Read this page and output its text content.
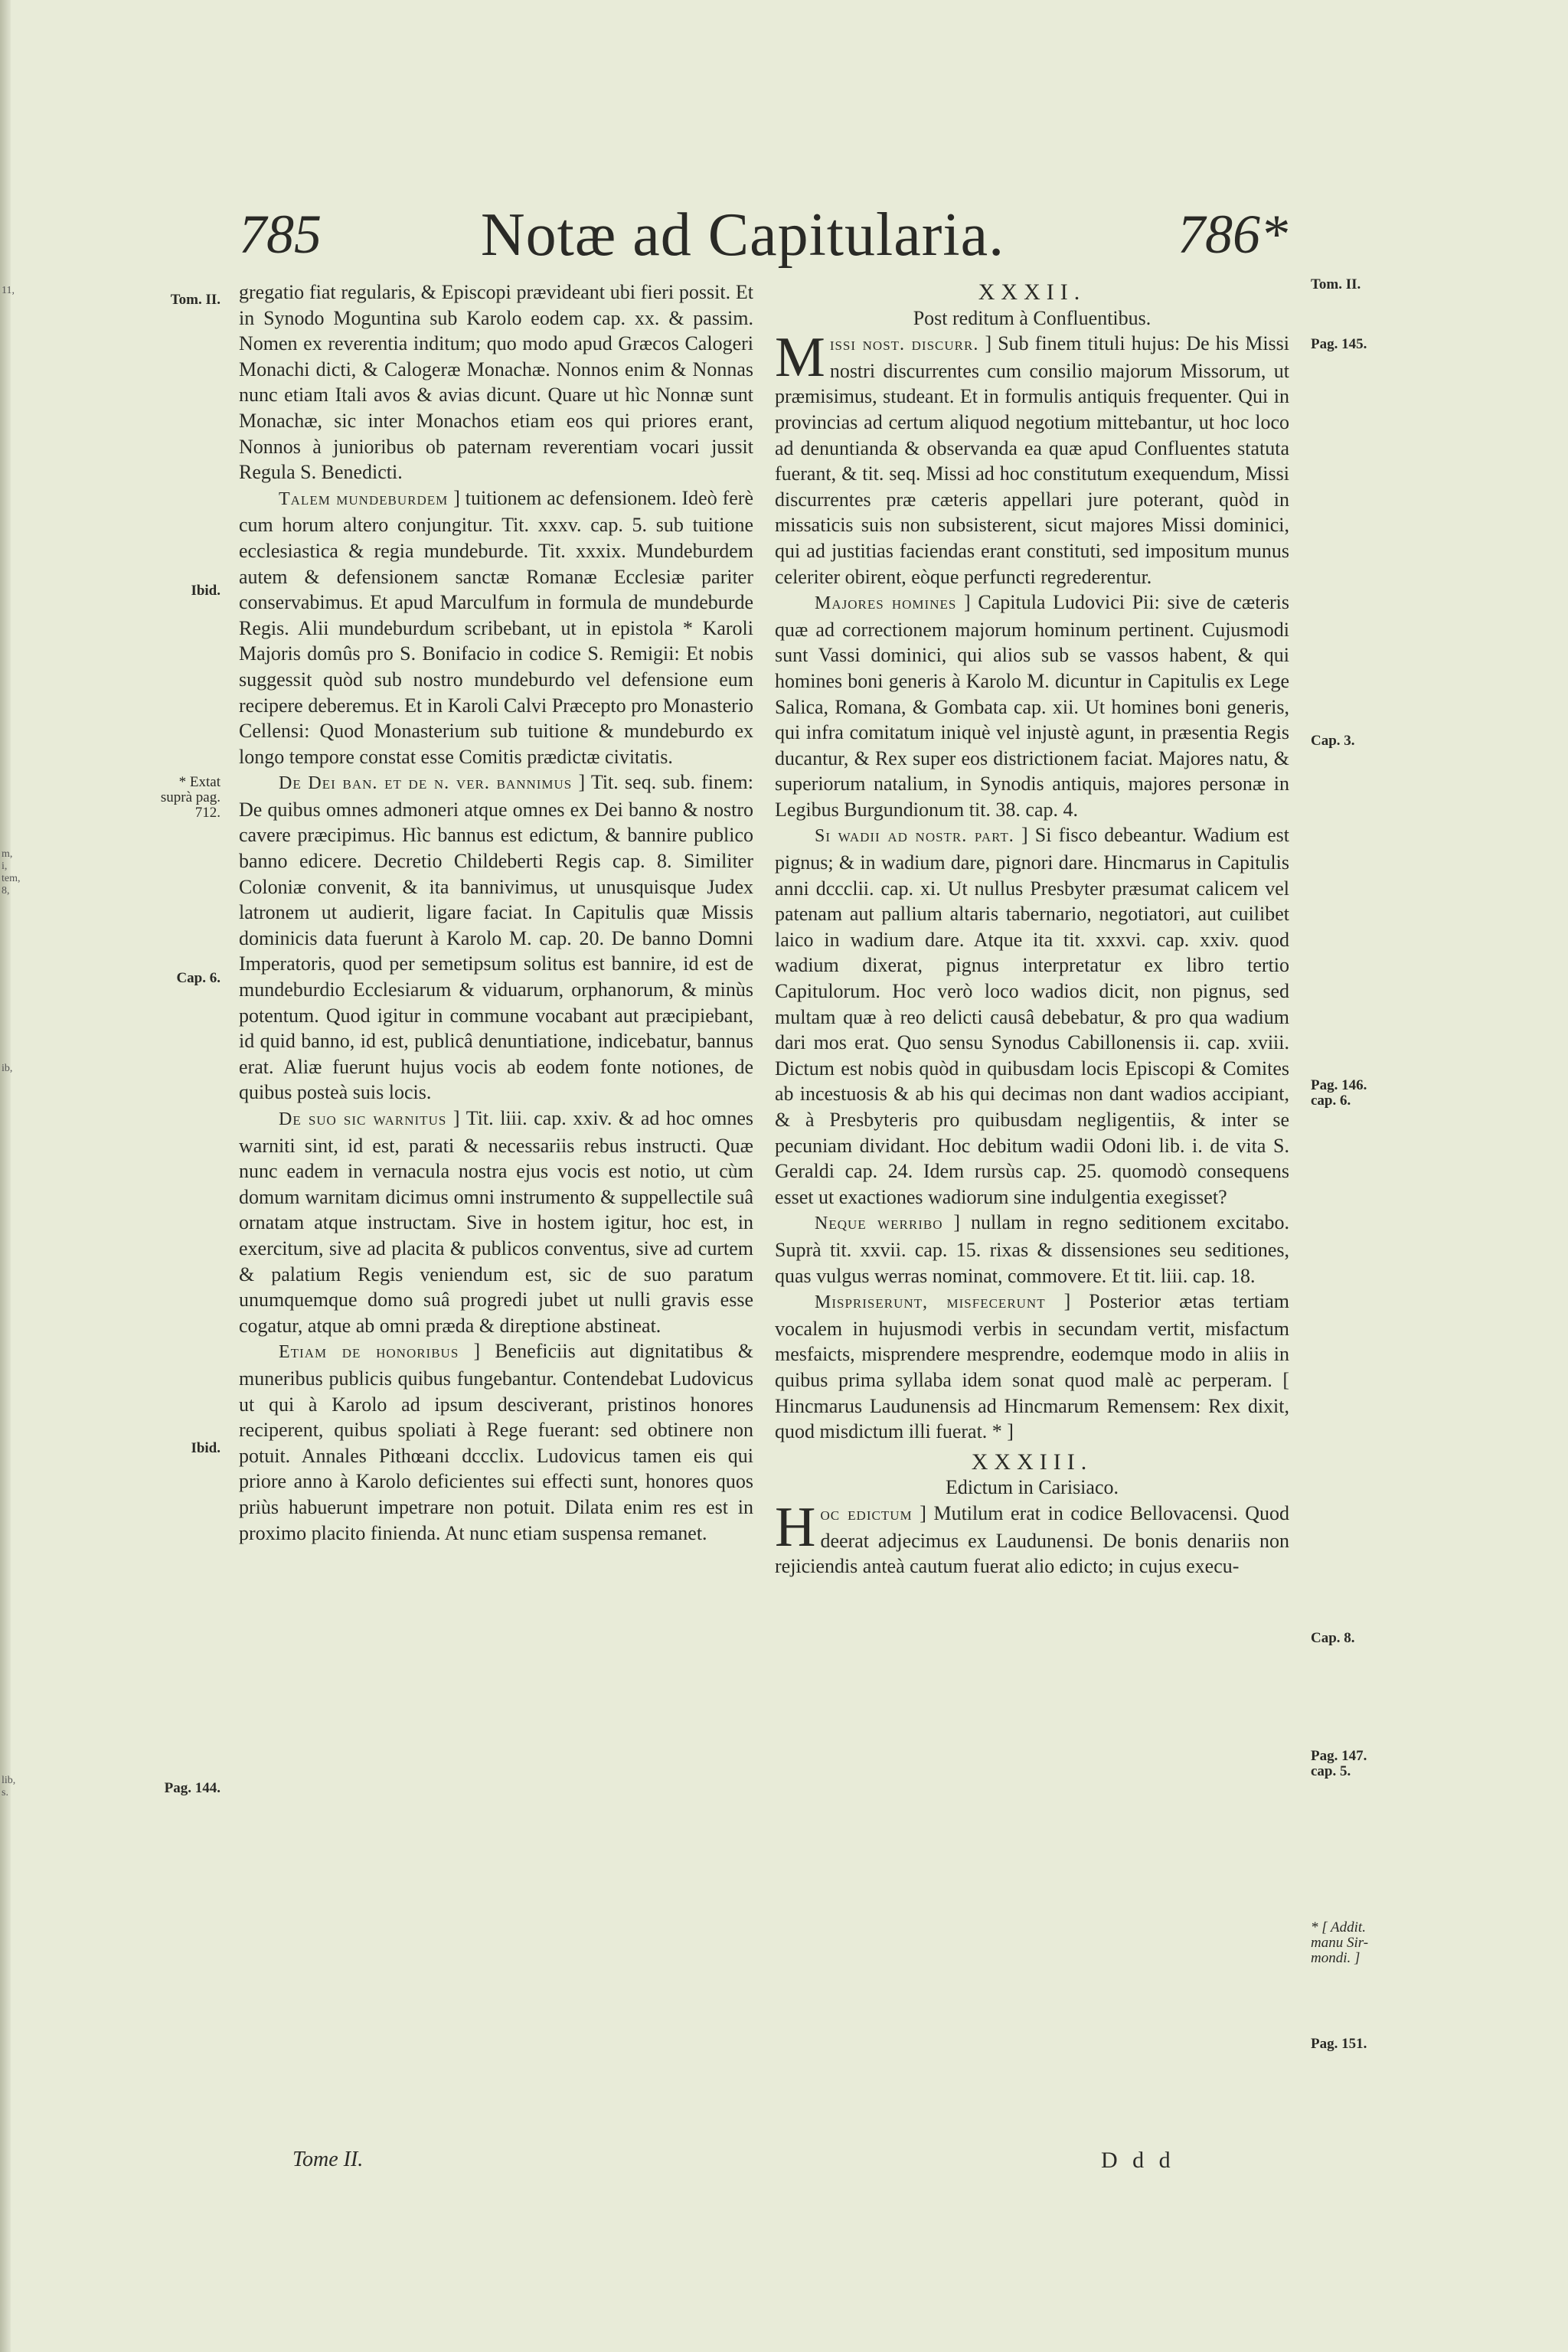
11,
m, i, tem, 8,
ib,
lib, s.
785	Notæ ad Capitularia.	786*
Tom. II.
Ibid.
* Extat suprà pag. 712.
Cap. 6.
Ibid.
Pag. 144.
Tom. II.
Pag. 145.
Cap. 3.
Pag. 146. cap. 6.
Cap. 8.
Pag. 147. cap. 5.
* [ Addit. manu Sir-mondi. ]
Pag. 151.

gregatio fiat regularis, & Episcopi prævideant ubi fieri possit. Et in Synodo Moguntina sub Karolo eodem cap. xx. & passim. Nomen ex reverentia inditum; quo modo apud Græcos Calogeri Monachi dicti, & Calogeræ Monachæ. Nonnos enim & Nonnas nunc etiam Itali avos & avias dicunt. Quare ut hìc Nonnæ sunt Monachæ, sic inter Monachos etiam eos qui priores erant, Nonnos à junioribus ob paternam reverentiam vocari jussit Regula S. Benedicti.

Talem mundeburdem ] tuitionem ac defensionem. Ideò ferè cum horum altero conjungitur. Tit. xxxv. cap. 5. sub tuitione ecclesiastica & regia mundeburde. Tit. xxxix. Mundeburdem autem & defensionem sanctæ Romanæ Ecclesiæ pariter conservabimus. Et apud Marculfum in formula de mundeburde Regis. Alii mundeburdum scribebant, ut in epistola * Karoli Majoris domûs pro S. Bonifacio in codice S. Remigii: Et nobis suggessit quòd sub nostro mundeburdo vel defensione eum recipere deberemus. Et in Karoli Calvi Præcepto pro Monasterio Cellensi: Quod Monasterium sub tuitione & mundeburdo ex longo tempore constat esse Comitis prædictæ civitatis.

De Dei ban. et de n. ver. bannimus ] Tit. seq. sub. finem: De quibus omnes admoneri atque omnes ex Dei banno & nostro cavere præcipimus. Hìc bannus est edictum, & bannire publico banno edicere. Decretio Childeberti Regis cap. 8. Similiter Coloniæ convenit, & ita bannivimus, ut unusquisque Judex latronem ut audierit, ligare faciat. In Capitulis quæ Missis dominicis data fuerunt à Karolo M. cap. 20. De banno Domni Imperatoris, quod per semetipsum solitus est bannire, id est de mundeburdio Ecclesiarum & viduarum, orphanorum, & minùs potentum. Quod igitur in commune vocabant aut præcipiebant, id quid banno, id est, publicâ denuntiatione, indicebatur, bannus erat. Aliæ fuerunt hujus vocis ab eodem fonte notiones, de quibus posteà suis locis.

De suo sic warnitus ] Tit. liii. cap. xxiv. & ad hoc omnes warniti sint, id est, parati & necessariis rebus instructi. Quæ nunc eadem in vernacula nostra ejus vocis est notio, ut cùm domum warnitam dicimus omni instrumento & suppellectile suâ ornatam atque instructam. Sive in hostem igitur, hoc est, in exercitum, sive ad placita & publicos conventus, sive ad curtem & palatium Regis veniendum est, sic de suo paratum unumquemque domo suâ progredi jubet ut nulli gravis esse cogatur, atque ab omni præda & direptione abstineat.

Etiam de honoribus ] Beneficiis aut dignitatibus & muneribus publicis quibus fungebantur. Contendebat Ludovicus ut qui à Karolo ad ipsum desciverant, pristinos honores reciperent, quibus spoliati à Rege fuerant: sed obtinere non potuit. Annales Pithœani dccclix. Ludovicus tamen eis qui priore anno à Karolo deficientes sui effecti sunt, honores quos priùs habuerunt impetrare non potuit. Dilata enim res est in proximo placito finienda. At nunc etiam suspensa remanet.

XXXII.

Post reditum à Confluentibus.

Missi nost. discurr. ] Sub finem tituli hujus: De his Missi nostri discurrentes cum consilio majorum Missorum, ut præmisimus, studeant. Et in formulis antiquis frequenter. Qui in provincias ad certum aliquod negotium mittebantur, ut hoc loco ad denuntianda & observanda ea quæ apud Confluentes statuta fuerant, & tit. seq. Missi ad hoc constitutum exequendum, Missi discurrentes præ cæteris appellari jure poterant, quòd in missaticis suis non subsisterent, sicut majores Missi dominici, qui ad justitias faciendas erant constituti, sed impositum munus celeriter obirent, eòque perfuncti regrederentur.

Majores homines ] Capitula Ludovici Pii: sive de cæteris quæ ad correctionem majorum hominum pertinent. Cujusmodi sunt Vassi dominici, qui alios sub se vassos habent, & qui homines boni generis à Karolo M. dicuntur in Capitulis ex Lege Salica, Romana, & Gombata cap. xii. Ut homines boni generis, qui infra comitatum iniquè vel injustè agunt, in præsentia Regis ducantur, & Rex super eos districtionem faciat. Majores natu, & superiorum natalium, in Synodis antiquis, majores personæ in Legibus Burgundionum tit. 38. cap. 4.

Si wadii ad nostr. part. ] Si fisco debeantur. Wadium est pignus; & in wadium dare, pignori dare. Hincmarus in Capitulis anni dccclii. cap. xi. Ut nullus Presbyter præsumat calicem vel patenam aut pallium altaris tabernario, negotiatori, aut cuilibet laico in wadium dare. Atque ita tit. xxxvi. cap. xxiv. quod wadium dixerat, pignus interpretatur ex libro tertio Capitulorum. Hoc verò loco wadios dicit, non pignus, sed multam quæ à reo delicti causâ debebatur, & pro qua wadium dari mos erat. Quo sensu Synodus Cabillonensis ii. cap. xviii. Dictum est nobis quòd in quibusdam locis Episcopi & Comites ab incestuosis & ab his qui decimas non dant wadios accipiant, & à Presbyteris pro quibusdam negligentiis, & inter se pecuniam dividant. Hoc debitum wadii Odoni lib. i. de vita S. Geraldi cap. 24. Idem rursùs cap. 25. quomodò consequens esset ut exactiones wadiorum sine indulgentia exegisset?

Neque werribo ] nullam in regno seditionem excitabo. Suprà tit. xxvii. cap. 15. rixas & dissensiones seu seditiones, quas vulgus werras nominat, commovere. Et tit. liii. cap. 18.

Mispriserunt, misfecerunt ] Posterior ætas tertiam vocalem in hujusmodi verbis in secundam vertit, misfactum mesfaicts, misprendere mesprendre, eodemque modo in aliis in quibus prima syllaba idem sonat quod malè ac perperam. [ Hincmarus Laudunensis ad Hincmarum Remensem: Rex dixit, quod misdictum illi fuerat. * ]

XXXIII.

Edictum in Carisiaco.

Hoc edictum ] Mutilum erat in codice Bellovacensi. Quod deerat adjecimus ex Laudunensi. De bonis denariis non rejiciendis anteà cautum fuerat alio edicto; in cujus execu-

Tome II.	D d d
